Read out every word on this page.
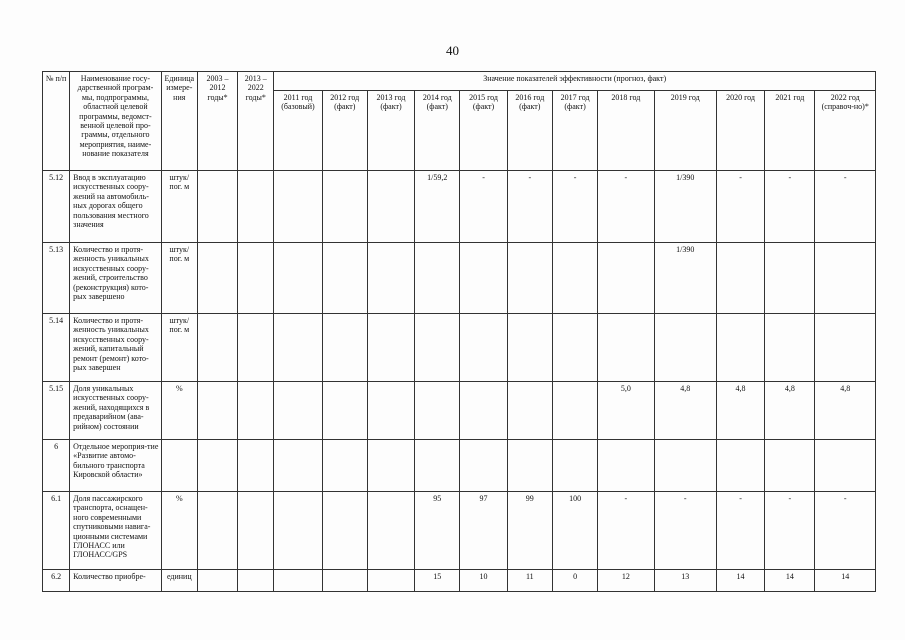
40
№ п/п	Наименование госу-дарственной програм-мы, подпрограммы, областной целевой программы, ведомст-венной целевой про-граммы, отдельного мероприятия, наиме-нование показателя	Единица измере-ния	2003 – 2012 годы*	2013 – 2022 годы*	Значение показателей эффективности (прогноз, факт)											
					2011 год (базовый)	2012 год (факт)	2013 год (факт)	2014 год (факт)	2015 год (факт)	2016 год (факт)	2017 год (факт)	2018 год	2019 год	2020 год	2021 год	2022 год (справоч-но)*
5.12	Ввод в эксплуатацию искусственных соору-жений на автомобиль-ных дорогах общего пользования местного значения	штук/ пог. м						1/59,2	-	-	-	-	1/390	-	-	-
5.13	Количество и протя-женность уникальных искусственных соору-жений, строительство (реконструкция) кото-рых завершено	штук/ пог. м											1/390			
5.14	Количество и протя-женность уникальных искусственных соору-жений, капитальный ремонт (ремонт) кото-рых завершен	штук/ пог. м														
5.15	Доля уникальных искусственных соору-жений, находящихся в предаварийном (ава-рийном) состоянии	%										5,0	4,8	4,8	4,8	4,8
6	Отдельное мероприя-тие «Развитие автомо-бильного транспорта Кировской области»															
6.1	Доля пассажирского транспорта, оснащен-ного современными спутниковыми навига-ционными системами ГЛОНАСС или ГЛОНАСС/GPS	%						95	97	99	100	-	-	-	-	-
6.2	Количество приобре-	единиц						15	10	11	0	12	13	14	14	14
